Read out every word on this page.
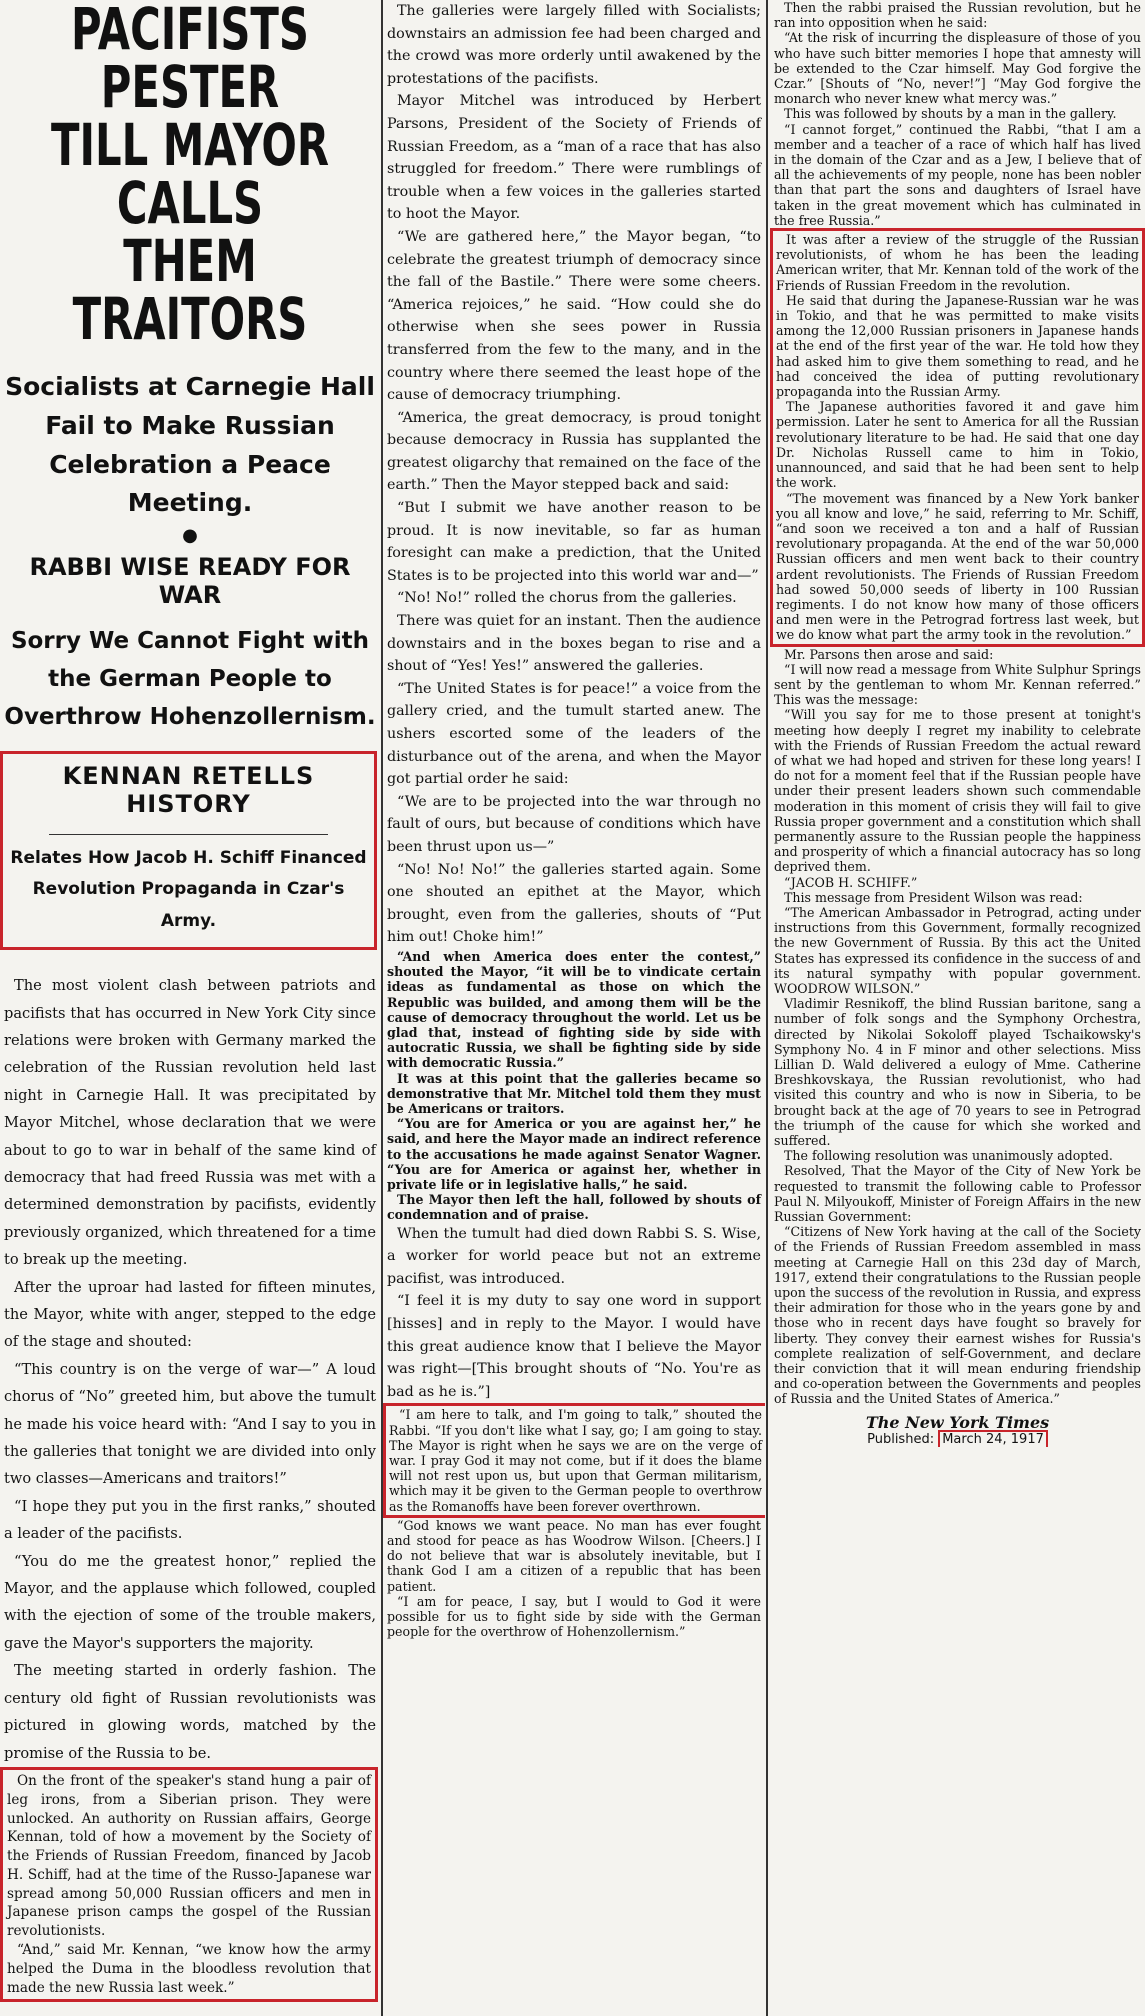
PACIFISTS PESTER
TILL MAYOR CALLS
THEM TRAITORS
Socialists at Carnegie Hall Fail to Make Russian Celebration a Peace Meeting.
●
RABBI WISE READY FOR WAR
Sorry We Cannot Fight with the German People to Overthrow Hohenzollernism.
KENNAN RETELLS HISTORY
Relates How Jacob H. Schiff Financed Revolution Propaganda in Czar's Army.

The most violent clash between patriots and pacifists that has occurred in New York City since relations were broken with Germany marked the celebration of the Russian revolution held last night in Carnegie Hall. It was precipitated by Mayor Mitchel, whose declaration that we were about to go to war in behalf of the same kind of democracy that had freed Russia was met with a determined demonstration by pacifists, evidently previously organized, which threatened for a time to break up the meeting.

After the uproar had lasted for fifteen minutes, the Mayor, white with anger, stepped to the edge of the stage and shouted:

“This country is on the verge of war—” A loud chorus of “No” greeted him, but above the tumult he made his voice heard with: “And I say to you in the galleries that tonight we are divided into only two classes—Americans and traitors!”

“I hope they put you in the first ranks,” shouted a leader of the pacifists.

“You do me the greatest honor,” replied the Mayor, and the applause which followed, coupled with the ejection of some of the trouble makers, gave the Mayor's supporters the majority.

The meeting started in orderly fashion. The century old fight of Russian revolutionists was pictured in glowing words, matched by the promise of the Russia to be.

On the front of the speaker's stand hung a pair of leg irons, from a Siberian prison. They were unlocked. An authority on Russian affairs, George Kennan, told of how a movement by the Society of the Friends of Russian Freedom, financed by Jacob H. Schiff, had at the time of the Russo-Japanese war spread among 50,000 Russian officers and men in Japanese prison camps the gospel of the Russian revolutionists.

“And,” said Mr. Kennan, “we know how the army helped the Duma in the bloodless revolution that made the new Russia last week.”

The galleries were largely filled with Socialists; downstairs an admission fee had been charged and the crowd was more orderly until awakened by the protestations of the pacifists.

Mayor Mitchel was introduced by Herbert Parsons, President of the Society of Friends of Russian Freedom, as a “man of a race that has also struggled for freedom.” There were rumblings of trouble when a few voices in the galleries started to hoot the Mayor.

“We are gathered here,” the Mayor began, “to celebrate the greatest triumph of democracy since the fall of the Bastile.” There were some cheers. “America rejoices,” he said. “How could she do otherwise when she sees power in Russia transferred from the few to the many, and in the country where there seemed the least hope of the cause of democracy triumphing.

“America, the great democracy, is proud tonight because democracy in Russia has supplanted the greatest oligarchy that remained on the face of the earth.” Then the Mayor stepped back and said:

“But I submit we have another reason to be proud. It is now inevitable, so far as human foresight can make a prediction, that the United States is to be projected into this world war and—”

“No! No!” rolled the chorus from the galleries.

There was quiet for an instant. Then the audience downstairs and in the boxes began to rise and a shout of “Yes! Yes!” answered the galleries.

“The United States is for peace!” a voice from the gallery cried, and the tumult started anew. The ushers escorted some of the leaders of the disturbance out of the arena, and when the Mayor got partial order he said:

“We are to be projected into the war through no fault of ours, but because of conditions which have been thrust upon us—”

“No! No! No!” the galleries started again. Some one shouted an epithet at the Mayor, which brought, even from the galleries, shouts of “Put him out! Choke him!”

“And when America does enter the contest,” shouted the Mayor, “it will be to vindicate certain ideas as fundamental as those on which the Republic was builded, and among them will be the cause of democracy throughout the world. Let us be glad that, instead of fighting side by side with autocratic Russia, we shall be fighting side by side with democratic Russia.”

It was at this point that the galleries became so demonstrative that Mr. Mitchel told them they must be Americans or traitors.

“You are for America or you are against her,” he said, and here the Mayor made an indirect reference to the accusations he made against Senator Wagner. “You are for America or against her, whether in private life or in legislative halls,” he said.

The Mayor then left the hall, followed by shouts of condemnation and of praise.

When the tumult had died down Rabbi S. S. Wise, a worker for world peace but not an extreme pacifist, was introduced.

“I feel it is my duty to say one word in support [hisses] and in reply to the Mayor. I would have this great audience know that I believe the Mayor was right—[This brought shouts of “No. You're as bad as he is.”]

“I am here to talk, and I'm going to talk,” shouted the Rabbi. “If you don't like what I say, go; I am going to stay. The Mayor is right when he says we are on the verge of war. I pray God it may not come, but if it does the blame will not rest upon us, but upon that German militarism, which may it be given to the German people to overthrow as the Romanoffs have been forever overthrown.

“God knows we want peace. No man has ever fought and stood for peace as has Woodrow Wilson. [Cheers.] I do not believe that war is absolutely inevitable, but I thank God I am a citizen of a republic that has been patient.

“I am for peace, I say, but I would to God it were possible for us to fight side by side with the German people for the overthrow of Hohenzollernism.”

Then the rabbi praised the Russian revolution, but he ran into opposition when he said:

“At the risk of incurring the displeasure of those of you who have such bitter memories I hope that amnesty will be extended to the Czar himself. May God forgive the Czar.” [Shouts of “No, never!”] “May God forgive the monarch who never knew what mercy was.”

This was followed by shouts by a man in the gallery.

“I cannot forget,” continued the Rabbi, “that I am a member and a teacher of a race of which half has lived in the domain of the Czar and as a Jew, I believe that of all the achievements of my people, none has been nobler than that part the sons and daughters of Israel have taken in the great movement which has culminated in the free Russia.”

It was after a review of the struggle of the Russian revolutionists, of whom he has been the leading American writer, that Mr. Kennan told of the work of the Friends of Russian Freedom in the revolution.

He said that during the Japanese-Russian war he was in Tokio, and that he was permitted to make visits among the 12,000 Russian prisoners in Japanese hands at the end of the first year of the war. He told how they had asked him to give them something to read, and he had conceived the idea of putting revolutionary propaganda into the Russian Army.

The Japanese authorities favored it and gave him permission. Later he sent to America for all the Russian revolutionary literature to be had. He said that one day Dr. Nicholas Russell came to him in Tokio, unannounced, and said that he had been sent to help the work.

“The movement was financed by a New York banker you all know and love,” he said, referring to Mr. Schiff, “and soon we received a ton and a half of Russian revolutionary propaganda. At the end of the war 50,000 Russian officers and men went back to their country ardent revolutionists. The Friends of Russian Freedom had sowed 50,000 seeds of liberty in 100 Russian regiments. I do not know how many of those officers and men were in the Petrograd fortress last week, but we do know what part the army took in the revolution.”

Mr. Parsons then arose and said:

“I will now read a message from White Sulphur Springs sent by the gentleman to whom Mr. Kennan referred.” This was the message:

“Will you say for me to those present at tonight's meeting how deeply I regret my inability to celebrate with the Friends of Russian Freedom the actual reward of what we had hoped and striven for these long years! I do not for a moment feel that if the Russian people have under their present leaders shown such commendable moderation in this moment of crisis they will fail to give Russia proper government and a constitution which shall permanently assure to the Russian people the happiness and prosperity of which a financial autocracy has so long deprived them.

“JACOB H. SCHIFF.”

This message from President Wilson was read:

“The American Ambassador in Petrograd, acting under instructions from this Government, formally recognized the new Government of Russia. By this act the United States has expressed its confidence in the success of and its natural sympathy with popular government. WOODROW WILSON.”

Vladimir Resnikoff, the blind Russian baritone, sang a number of folk songs and the Symphony Orchestra, directed by Nikolai Sokoloff played Tschaikowsky's Symphony No. 4 in F minor and other selections. Miss Lillian D. Wald delivered a eulogy of Mme. Catherine Breshkovskaya, the Russian revolutionist, who had visited this country and who is now in Siberia, to be brought back at the age of 70 years to see in Petrograd the triumph of the cause for which she worked and suffered.

The following resolution was unanimously adopted.

Resolved, That the Mayor of the City of New York be requested to transmit the following cable to Professor Paul N. Milyoukoff, Minister of Foreign Affairs in the new Russian Government:

“Citizens of New York having at the call of the Society of the Friends of Russian Freedom assembled in mass meeting at Carnegie Hall on this 23d day of March, 1917, extend their congratulations to the Russian people upon the success of the revolution in Russia, and express their admiration for those who in the years gone by and those who in recent days have fought so bravely for liberty. They convey their earnest wishes for Russia's complete realization of self-Government, and declare their conviction that it will mean enduring friendship and co-operation between the Governments and peoples of Russia and the United States of America.”

The New York Times
Published: March 24, 1917
